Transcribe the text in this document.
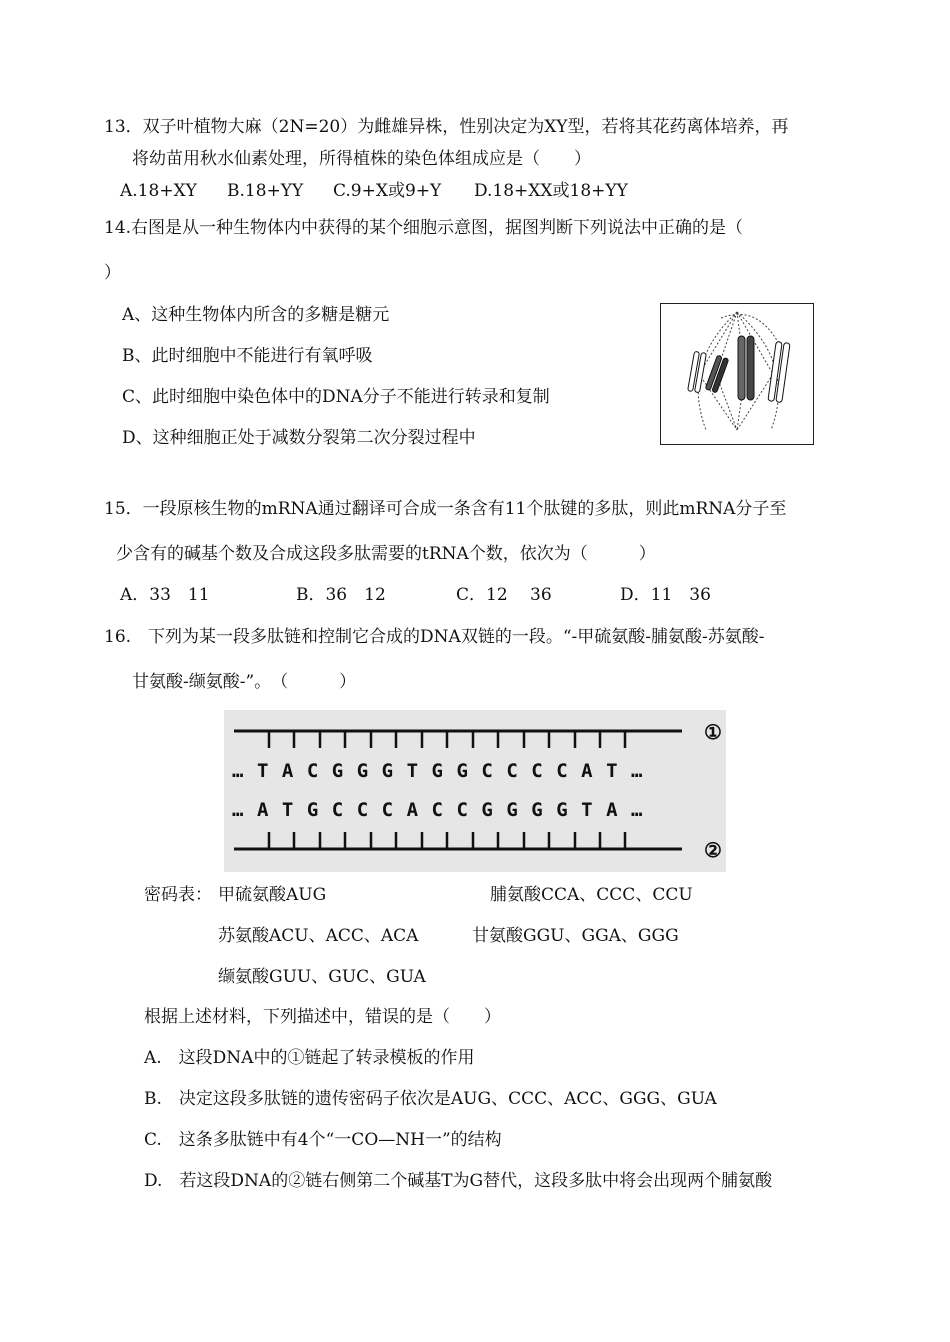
13．双子叶植物大麻（2N=20）为雌雄异株，性别决定为XY型，若将其花药离体培养，再
将幼苗用秋水仙素处理，所得植株的染色体组成应是（　　）
A.18+XY B.18+YY C.9+X或9+Y D.18+XX或18+YY
14.右图是从一种生物体内中获得的某个细胞示意图，据图判断下列说法中正确的是（
）
A、这种生物体内所含的多糖是糖元
B、此时细胞中不能进行有氧呼吸
C、此时细胞中染色体中的DNA分子不能进行转录和复制
D、这种细胞正处于减数分裂第二次分裂过程中
15．一段原核生物的mRNA通过翻译可合成一条含有11个肽键的多肽，则此mRNA分子至
少含有的碱基个数及合成这段多肽需要的tRNA个数，依次为（　　　）
A．33　11	B．36　12	C．12　 36	D．11　36
16.　下列为某一段多肽链和控制它合成的DNA双链的一段。“-甲硫氨酸-脯氨酸-苏氨酸-
甘氨酸-缬氨酸-”。　（　　　）
…TACGGGTGGCCCCAT…
…ATGCCCACCGGGGTA…
①
②
密码表： 甲硫氨酸AUG	脯氨酸CCA、CCC、CCU
苏氨酸ACU、ACC、ACA	甘氨酸GGU、GGA、GGG
缬氨酸GUU、GUC、GUA
根据上述材料，下列描述中，错误的是（　　）
A.　这段DNA中的①链起了转录模板的作用
B.　决定这段多肽链的遗传密码子依次是AUG、CCC、ACC、GGG、GUA
C.　这条多肽链中有4个“一CO—NH一”的结构
D.　若这段DNA的②链右侧第二个碱基T为G替代，这段多肽中将会出现两个脯氨酸
